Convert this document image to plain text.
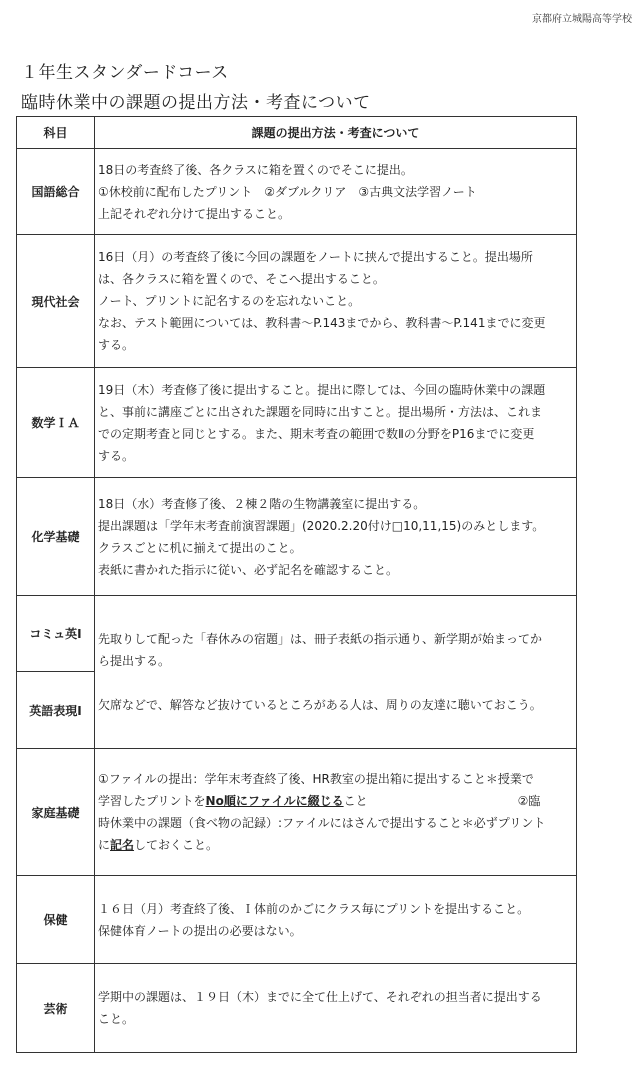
京都府立城陽高等学校
１年生スタンダードコース
臨時休業中の課題の提出方法・考査について
科目	課題の提出方法・考査について
国語総合	18日の考査終了後、各クラスに箱を置くのでそこに提出。

①休校前に配布したプリント　②ダブルクリア　③古典文法学習ノート

上記それぞれ分けて提出すること。

現代社会	16日（月）の考査終了後に今回の課題をノートに挟んで提出すること。提出場所

は、各クラスに箱を置くので、そこへ提出すること。

ノート、プリントに記名するのを忘れないこと。

なお、テスト範囲については、教科書～P.143までから、教科書～P.141までに変更

する。

数学ＩＡ	19日（木）考査修了後に提出すること。提出に際しては、今回の臨時休業中の課題

と、事前に講座ごとに出された課題を同時に出すこと。提出場所・方法は、これま

での定期考査と同じとする。また、期末考査の範囲で数Ⅱの分野をP16までに変更

する。

化学基礎	18日（水）考査修了後、２棟２階の生物講義室に提出する。

提出課題は「学年末考査前演習課題」(2020.2.20付け□10,11,15)のみとします。

クラスごとに机に揃えて提出のこと。

表紙に書かれた指示に従い、必ず記名を確認すること。

コミュ英Ⅰ	先取りして配った「春休みの宿題」は、冊子表紙の指示通り、新学期が始まってか

ら提出する。

欠席などで、解答など抜けているところがある人は、周りの友達に聴いておこう。

英語表現Ⅰ	
家庭基礎	①ファイルの提出：学年末考査終了後、HR教室の提出箱に提出すること＊授業で

学習したプリントをNo順にファイルに綴じること ②臨

時休業中の課題（食べ物の記録）:ファイルにはさんで提出すること＊必ずプリント

に記名しておくこと。

保健	１６日（月）考査終了後、Ｉ体前のかごにクラス毎にプリントを提出すること。

保健体育ノートの提出の必要はない。

芸術	学期中の課題は、１９日（木）までに全て仕上げて、それぞれの担当者に提出する

こと。
